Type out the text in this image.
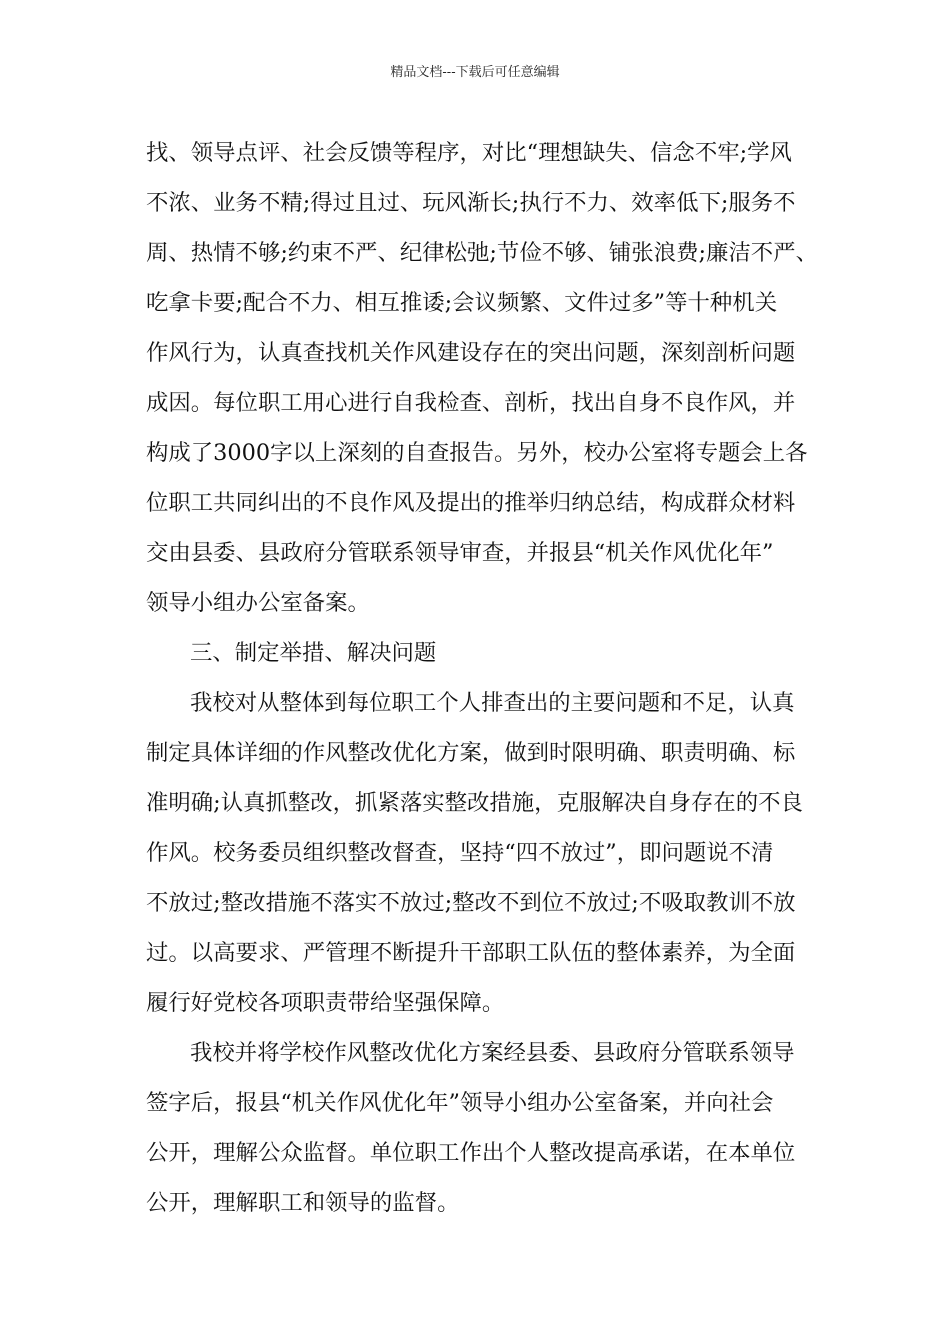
精品文档---下载后可任意编辑
找、领导点评、社会反馈等程序，对比“理想缺失、信念不牢;学风
不浓、业务不精;得过且过、玩风渐长;执行不力、效率低下;服务不
周、热情不够;约束不严、纪律松弛;节俭不够、铺张浪费;廉洁不严、
吃拿卡要;配合不力、相互推诿;会议频繁、文件过多”等十种机关
作风行为，认真查找机关作风建设存在的突出问题，深刻剖析问题
成因。每位职工用心进行自我检查、剖析，找出自身不良作风，并
构成了3000字以上深刻的自查报告。另外，校办公室将专题会上各
位职工共同纠出的不良作风及提出的推举归纳总结，构成群众材料
交由县委、县政府分管联系领导审查，并报县“机关作风优化年”
领导小组办公室备案。
三、制定举措、解决问题
我校对从整体到每位职工个人排查出的主要问题和不足，认真
制定具体详细的作风整改优化方案，做到时限明确、职责明确、标
准明确;认真抓整改，抓紧落实整改措施，克服解决自身存在的不良
作风。校务委员组织整改督查，坚持“四不放过”，即问题说不清
不放过;整改措施不落实不放过;整改不到位不放过;不吸取教训不放
过。以高要求、严管理不断提升干部职工队伍的整体素养，为全面
履行好党校各项职责带给坚强保障。
我校并将学校作风整改优化方案经县委、县政府分管联系领导
签字后，报县“机关作风优化年”领导小组办公室备案，并向社会
公开，理解公众监督。单位职工作出个人整改提高承诺，在本单位
公开，理解职工和领导的监督。
